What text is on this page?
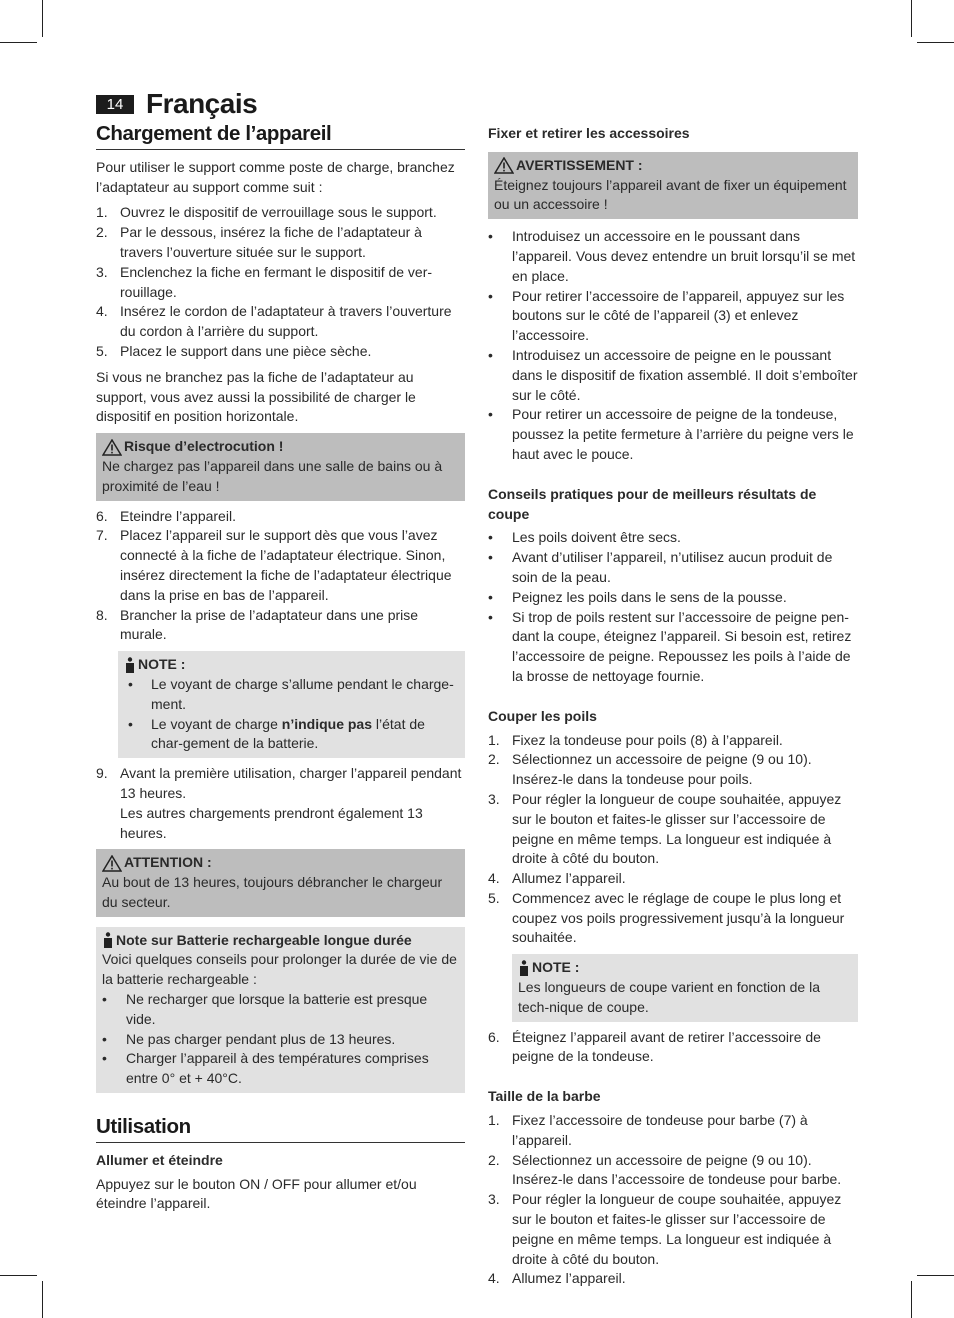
14 Français
Chargement de l’appareil

Pour utiliser le support comme poste de charge, branchez l’adaptateur au support comme suit :

1. Ouvrez le dispositif de verrouillage sous le support.
2. Par le dessous, insérez la fiche de l’adaptateur à travers l’ouverture située sur le support.
3. Enclenchez la fiche en fermant le dispositif de ver-rouillage.
4. Insérez le cordon de l’adaptateur à travers l’ouverture du cordon à l’arrière du support.
5. Placez le support dans une pièce sèche.

Si vous ne branchez pas la fiche de l’adaptateur au support, vous avez aussi la possibilité de charger le dispositif en position horizontale.

Risque d’electrocution !

Ne chargez pas l’appareil dans une salle de bains ou à proximité de l’eau !

6. Eteindre l’appareil.
7. Placez l’appareil sur le support dès que vous l’avez connecté à la fiche de l’adaptateur électrique. Sinon, insérez directement la fiche de l’adaptateur électrique dans la prise en bas de l’appareil.
8. Brancher la prise de l’adaptateur dans une prise murale.
NOTE :
•	Le voyant de charge s’allume pendant le charge-ment.
•	Le voyant de charge n’indique pas l’état de char-gement de la batterie.
9. Avant la première utilisation, charger l’appareil pendant 13 heures.
Les autres chargements prendront également 13 heures.
ATTENTION :

Au bout de 13 heures, toujours débrancher le chargeur du secteur.

Note sur Batterie rechargeable longue durée

Voici quelques conseils pour prolonger la durée de vie de la batterie rechargeable :

•	Ne recharger que lorsque la batterie est presque vide.
•	Ne pas charger pendant plus de 13 heures.
•	Charger l’appareil à des températures comprises entre 0° et + 40°C.
Utilisation

Allumer et éteindre

Appuyez sur le bouton ON / OFF pour allumer et/ou éteindre l’appareil.

Fixer et retirer les accessoires

AVERTISSEMENT :

Éteignez toujours l’appareil avant de fixer un équipement ou un accessoire !

•	Introduisez un accessoire en le poussant dans l’appareil. Vous devez entendre un bruit lorsqu’il se met en place.
•	Pour retirer l’accessoire de l’appareil, appuyez sur les boutons sur le côté de l’appareil (3) et enlevez l’accessoire.
•	Introduisez un accessoire de peigne en le poussant dans le dispositif de fixation assemblé. Il doit s’emboîter sur le côté.
•	Pour retirer un accessoire de peigne de la tondeuse, poussez la petite fermeture à l’arrière du peigne vers le haut avec le pouce.

Conseils pratiques pour de meilleurs résultats de coupe

•	Les poils doivent être secs.
•	Avant d’utiliser l’appareil, n’utilisez aucun produit de soin de la peau.
•	Peignez les poils dans le sens de la pousse.
•	Si trop de poils restent sur l’accessoire de peigne pen-dant la coupe, éteignez l’appareil. Si besoin est, retirez l’accessoire de peigne. Repoussez les poils à l’aide de la brosse de nettoyage fournie.

Couper les poils

1. Fixez la tondeuse pour poils (8) à l’appareil.
2. Sélectionnez un accessoire de peigne (9 ou 10). Insérez-le dans la tondeuse pour poils.
3. Pour régler la longueur de coupe souhaitée, appuyez sur le bouton et faites-le glisser sur l’accessoire de peigne en même temps. La longueur est indiquée à droite à côté du bouton.
4. Allumez l’appareil.
5. Commencez avec le réglage de coupe le plus long et coupez vos poils progressivement jusqu’à la longueur souhaitée.
NOTE :

Les longueurs de coupe varient en fonction de la tech-nique de coupe.

6. Éteignez l’appareil avant de retirer l’accessoire de peigne de la tondeuse.

Taille de la barbe

1. Fixez l’accessoire de tondeuse pour barbe (7) à l’appareil.
2. Sélectionnez un accessoire de peigne (9 ou 10). Insérez-le dans l’accessoire de tondeuse pour barbe.
3. Pour régler la longueur de coupe souhaitée, appuyez sur le bouton et faites-le glisser sur l’accessoire de peigne en même temps. La longueur est indiquée à droite à côté du bouton.
4. Allumez l’appareil.
